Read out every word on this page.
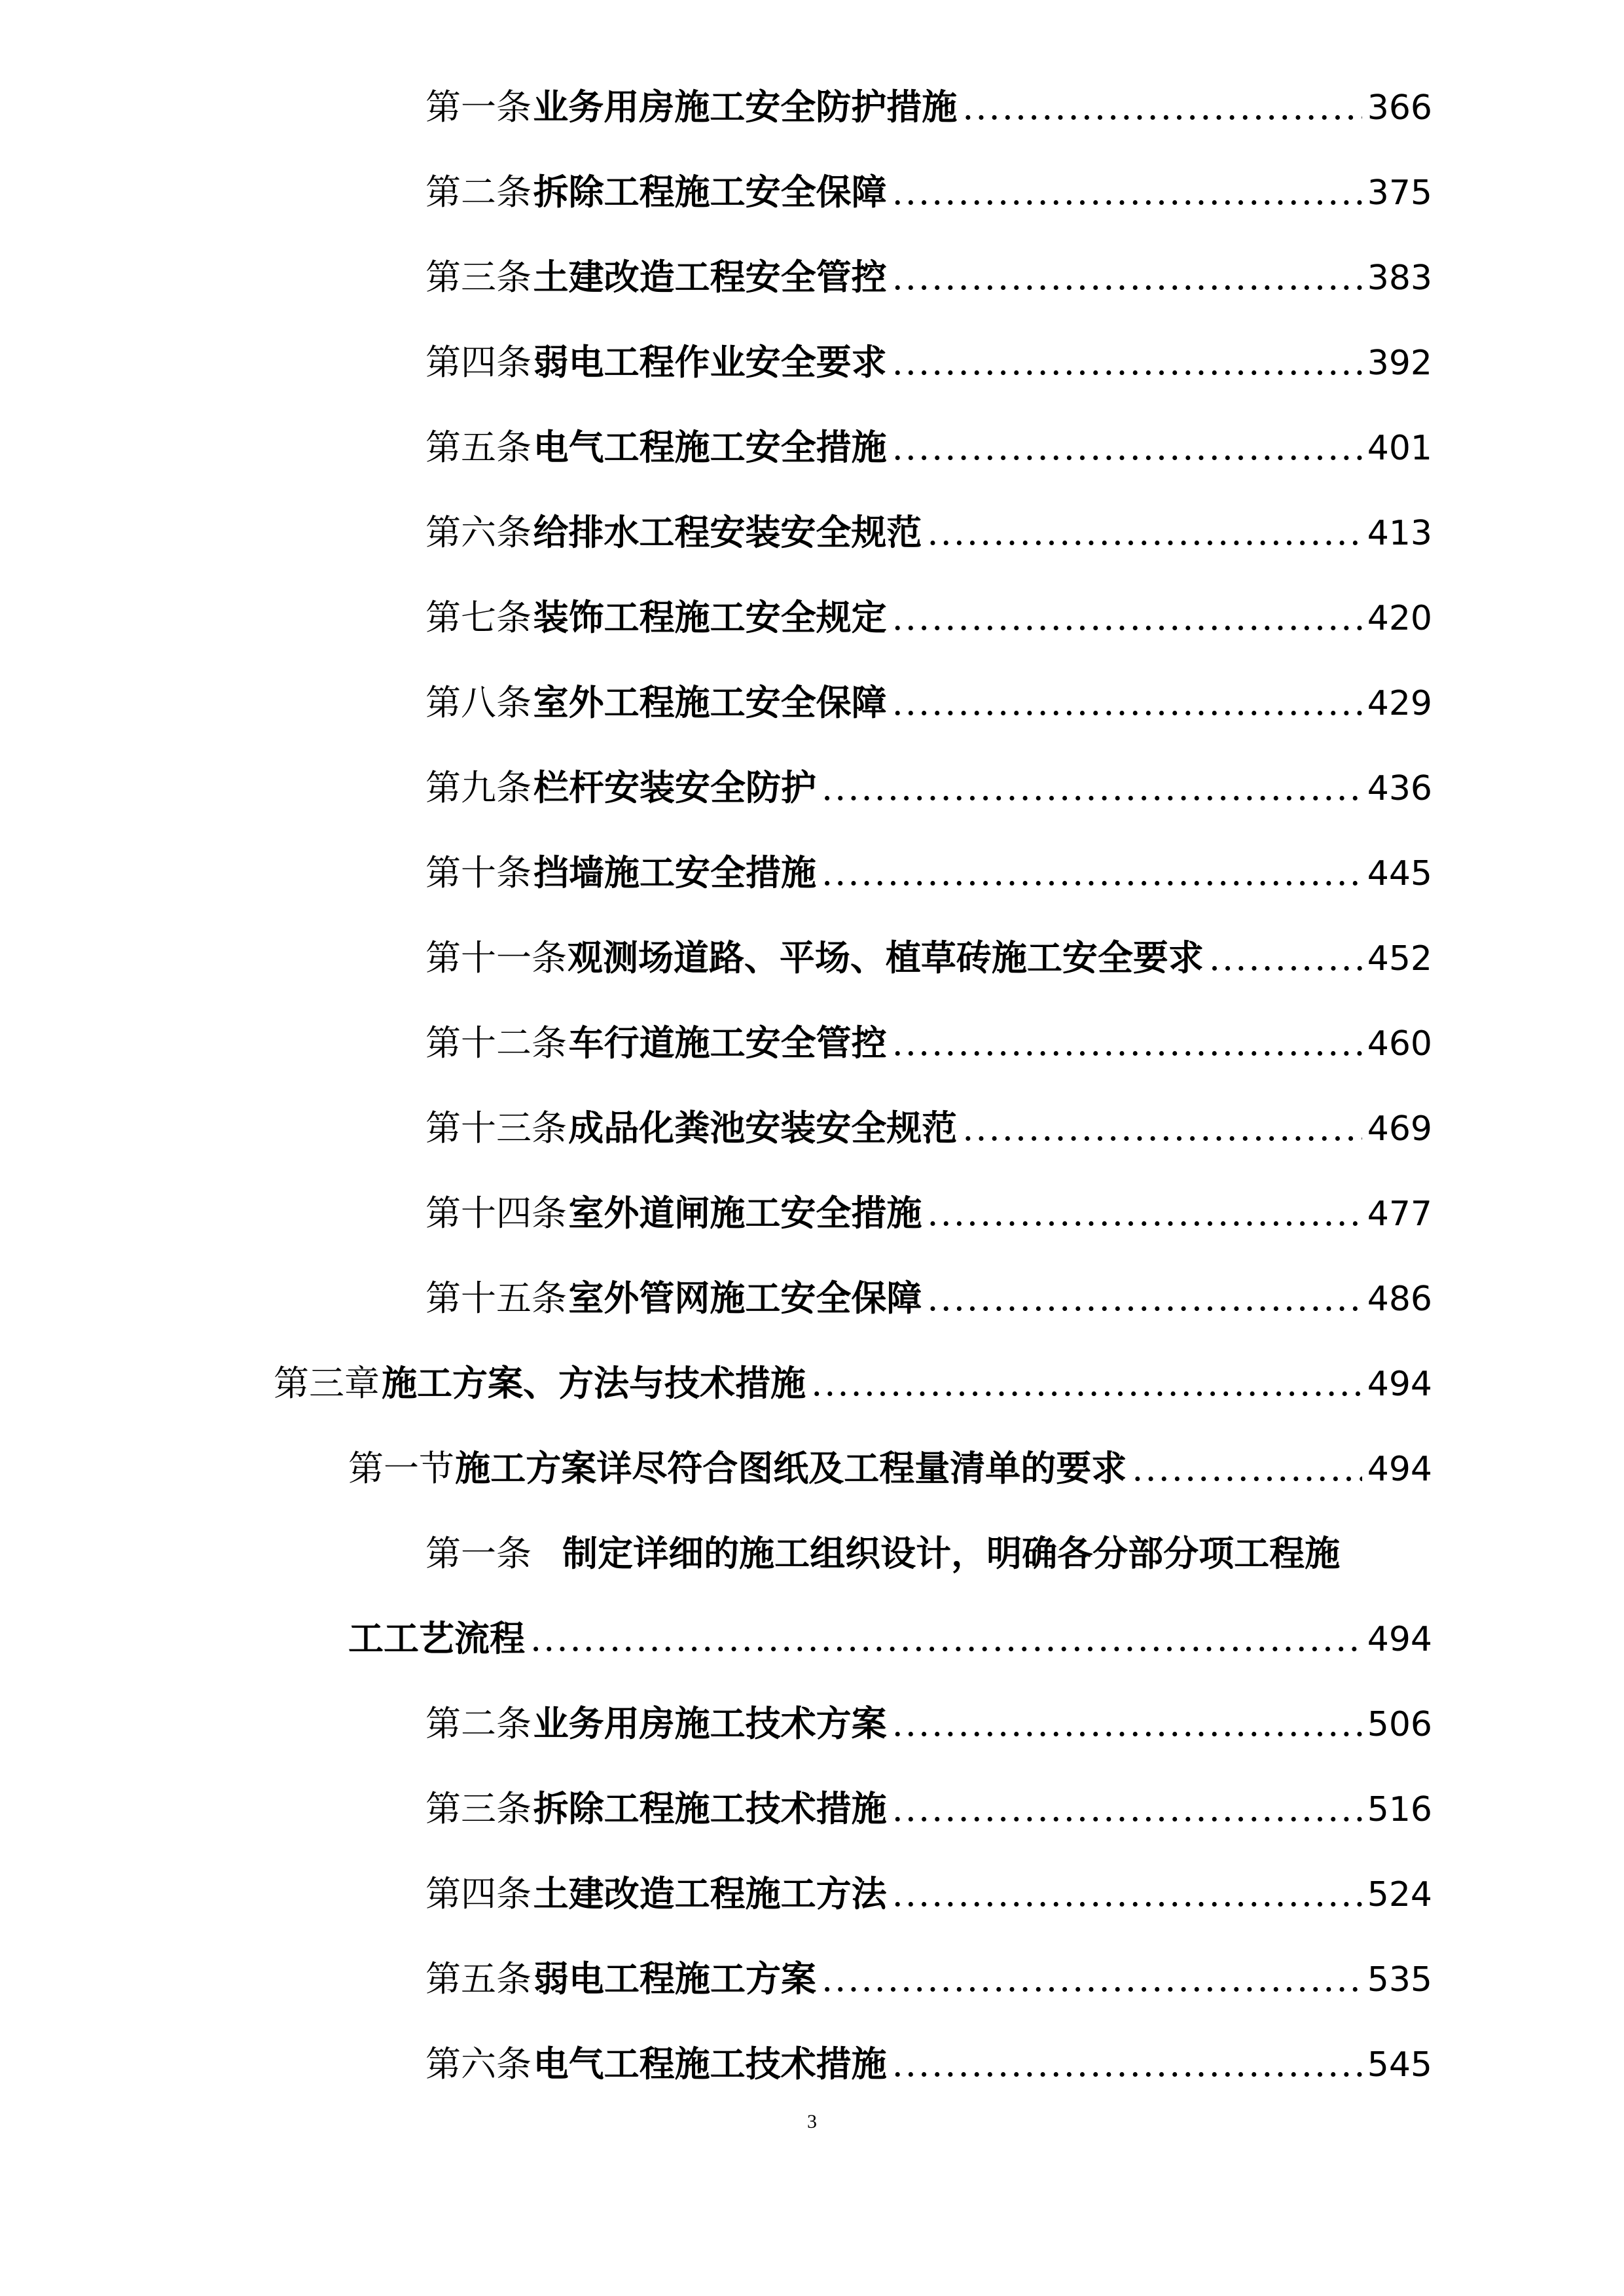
第一条 业务用房施工安全防护措施 .....	366
第二条 拆除工程施工安全保障 .....	375
第三条 土建改造工程安全管控 .....	383
第四条 弱电工程作业安全要求 .....	392
第五条 电气工程施工安全措施 .....	401
第六条 给排水工程安装安全规范 .....	413
第七条 装饰工程施工安全规定 .....	420
第八条 室外工程施工安全保障 .....	429
第九条 栏杆安装安全防护 .....	436
第十条 挡墙施工安全措施 .....	445
第十一条 观测场道路、平场、植草砖施工安全要求 .....	452
第十二条 车行道施工安全管控 .....	460
第十三条 成品化粪池安装安全规范 .....	469
第十四条 室外道闸施工安全措施 .....	477
第十五条 室外管网施工安全保障 .....	486
第三章 施工方案、方法与技术措施 .....	494
第一节 施工方案详尽符合图纸及工程量清单的要求 .....	494
第一条 制定详细的施工组织设计，明确各分部分项工程施
工工艺流程 .....	494
第二条 业务用房施工技术方案 .....	506
第三条 拆除工程施工技术措施 .....	516
第四条 土建改造工程施工方法 .....	524
第五条 弱电工程施工方案 .....	535
第六条 电气工程施工技术措施 .....	545
3
